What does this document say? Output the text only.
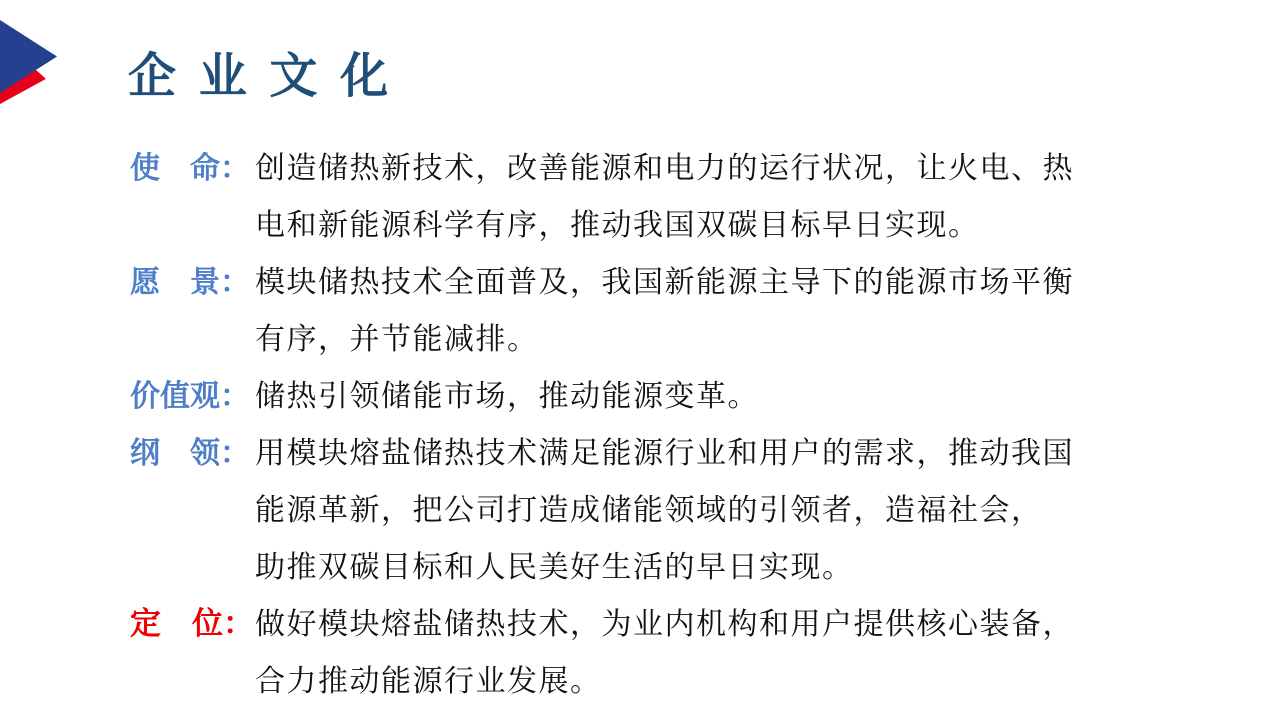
企 业 文 化
使　命： 创造储热新技术，改善能源和电力的运行状况，让火电、热
电和新能源科学有序，推动我国双碳目标早日实现。
愿　景： 模块储热技术全面普及，我国新能源主导下的能源市场平衡
有序，并节能减排。
价值观： 储热引领储能市场，推动能源变革。
纲　领： 用模块熔盐储热技术满足能源行业和用户的需求，推动我国
能源革新，把公司打造成储能领域的引领者，造福社会，
助推双碳目标和人民美好生活的早日实现。
定　位： 做好模块熔盐储热技术，为业内机构和用户提供核心装备，
合力推动能源行业发展。
